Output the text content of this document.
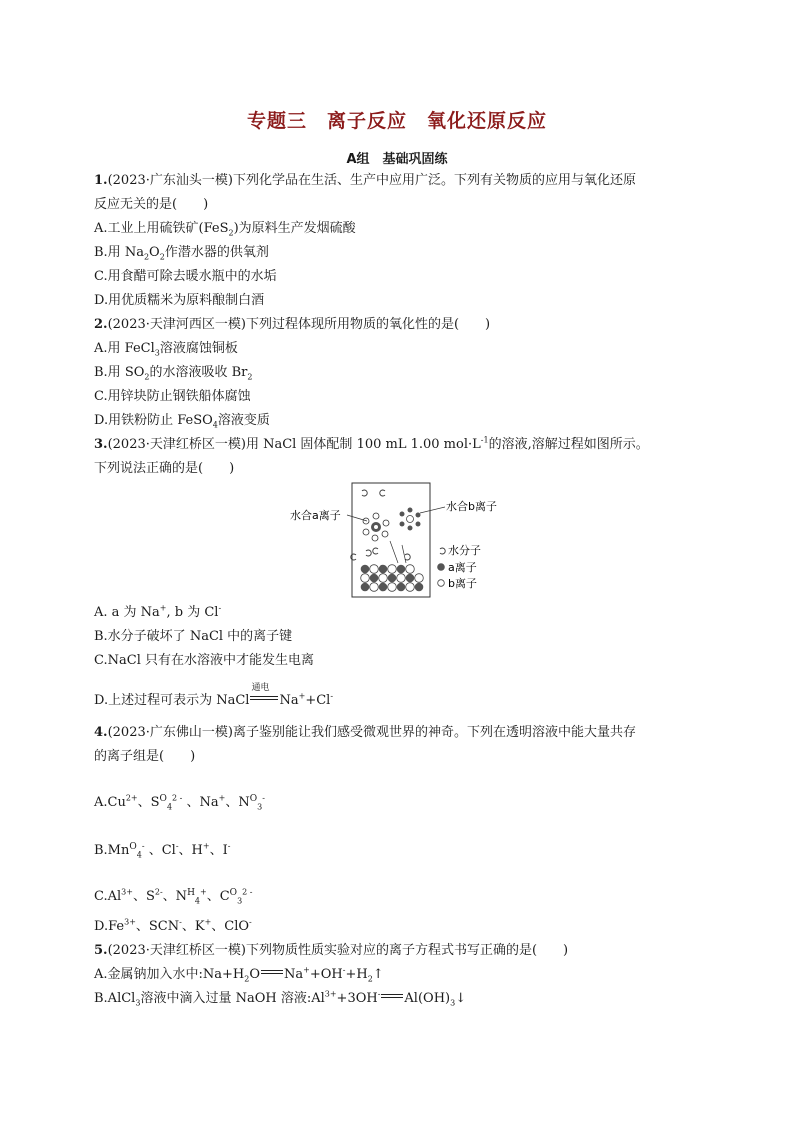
专题三　离子反应　氧化还原反应
A组　基础巩固练
1.(2023·广东汕头一模)下列化学品在生活、生产中应用广泛。下列有关物质的应用与氧化还原
反应无关的是(　　)
A.工业上用硫铁矿(FeS$_2$)为原料生产发烟硫酸
B.用 $Na_2O_2$作潜水器的供氧剂
C.用食醋可除去暖水瓶中的水垢
D.用优质糯米为原料酿制白酒
2.(2023·天津河西区一模)下列过程体现所用物质的氧化性的是(　　)
A.用 FeCl$_3$溶液腐蚀铜板
B.用 $SO_2$的水溶液吸收 $Br_2$
C.用锌块防止钢铁船体腐蚀
D.用铁粉防止 FeSO$_4$溶液变质
3.(2023·天津红桥区一模)用 NaCl 固体配制 100 mL 1.00 $mol\cdot L^{-1}$的溶液,溶解过程如图所示。
下列说法正确的是(　　)
水合a离子
水合b离子
水分子
a离子
b离子
A. a 为 Na+, b 为 Cl-
B.水分子破坏了 NaCl 中的离子键
C.NaCl 只有在水溶液中才能发生电离
D.上述过程可表示为 NaCl
通电
Na++Cl-
4.(2023·广东佛山一模)离子鉴别能让我们感受微观世界的神奇。下列在透明溶液中能大量共存
的离子组是(　　)
$A.Cu^{2+}$、$S^O_4^{2 -}$ 、Na+、$N^O_3^-$
$B.Mn^O_4^-$ 、Cl-、H+、I-
$C.Al^{3+}$、$S^{2-}$、$N^H_4^+$、$C^O_3^{2 -}$
$D.Fe^{3+}$、SCN-、K+、ClO-
5.(2023·天津红桥区一模)下列物质性质实验对应的离子方程式书写正确的是(　　)
A.金属钠加入水中$:Na+H_2O$ $Na^++OH^-+H_2↑$
B.AlCl$_3$溶液中滴入过量 NaOH 溶液$:Al^{3+}+3OH^-$ $Al(OH)_3↓$
